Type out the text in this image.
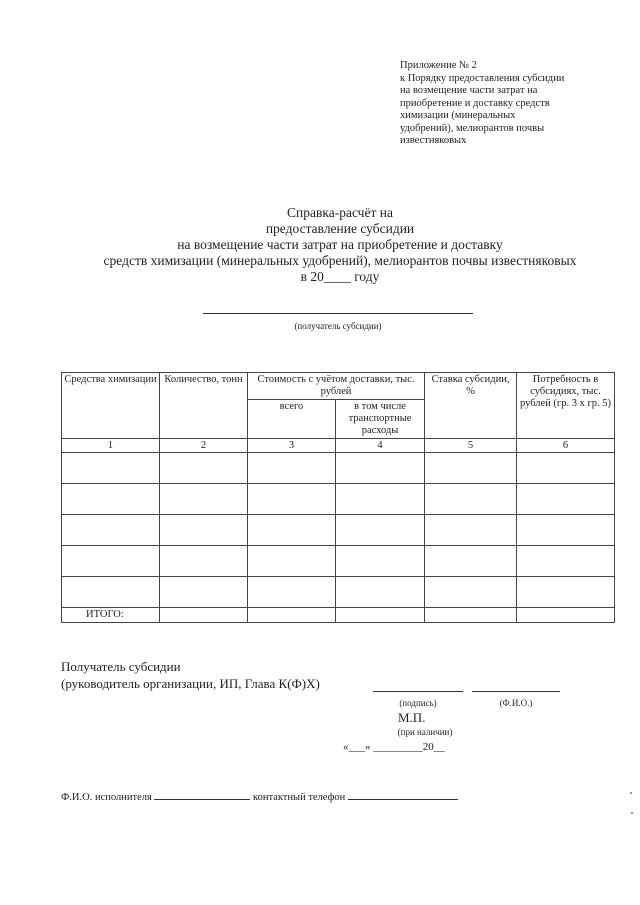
Приложение № 2
к Порядку предоставления субсидии
на возмещение части затрат на
приобретение и доставку средств
химизации (минеральных
удобрений), мелиорантов почвы
известняковых
Справка-расчёт на
предоставление субсидии
на возмещение части затрат на приобретение и доставку
средств химизации (минеральных удобрений), мелиорантов почвы известняковых
в 20____ году
(получатель субсидии)
Средства химизации	Количество, тонн	Стоимость с учётом доставки, тыс. рублей		Ставка субсидии, %	Потребность в субсидиях, тыс. рублей (гр. 3 х гр. 5)
		всего	в том числе транспортные расходы		
1	2	3	4	5	6

ИТОГО:					
Получатель субсидии
(руководитель организации, ИП, Глава К(Ф)Х)
(подпись)	(Ф.И.О.)
М.П.
(при наличии)
«___» _________20__
Ф.И.О. исполнителя	контактный телефон
